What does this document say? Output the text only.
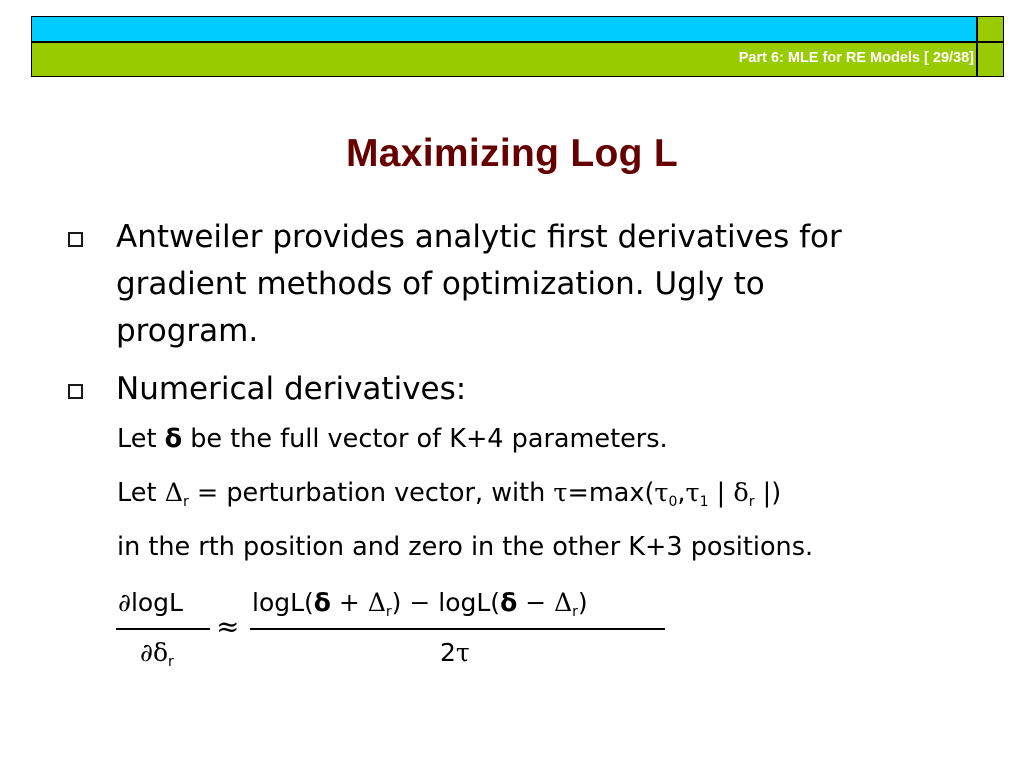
Part 6: MLE for RE Models [ 29/38]
Maximizing Log L
Antweiler provides analytic first derivatives for
gradient methods of optimization. Ugly to
program.
Numerical derivatives:
Let δ be the full vector of K+4 parameters.
Let Δr = perturbation vector, with τ=max(τ0,τ1 | δr |)
in the rth position and zero in the other K+3 positions.
∂logL
$\partial\delta_r$
≈
$\log L(\delta + \Delta_r) - \log L(\delta - \Delta_r)$
2τ
